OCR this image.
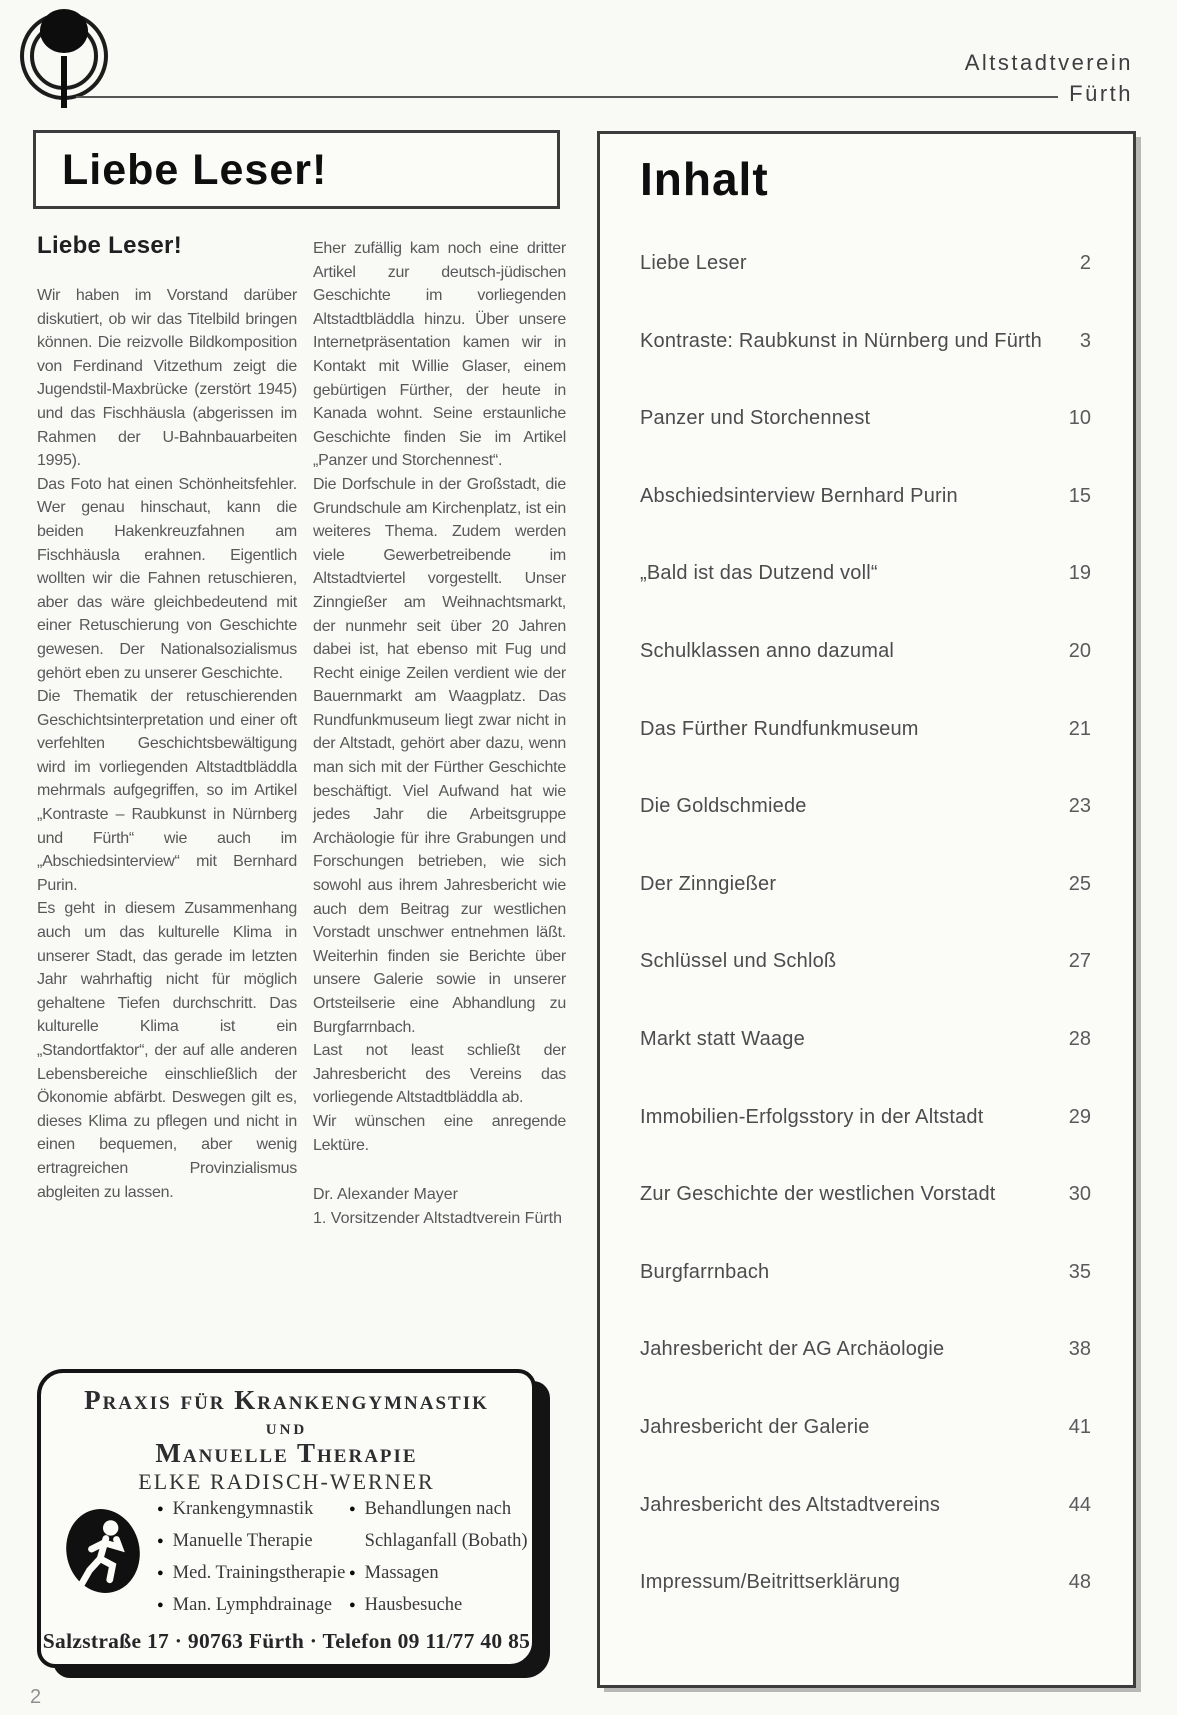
Altstadtverein
Fürth
Liebe Leser!	Inhalt
Liebe Leser	2
Kontraste: Raubkunst in Nürnberg und Fürth 3
Panzer und Storchennest	10
Abschiedsinterview Bernhard Purin	15
„Bald ist das Dutzend voll“	19
Schulklassen anno dazumal	20
Das Fürther Rundfunkmuseum	21
Die Goldschmiede	23
Der Zinngießer	25
Schlüssel und Schloß	27
Markt statt Waage	28
Immobilien-Erfolgsstory in der Altstadt	29
Zur Geschichte der westlichen Vorstadt	30
Burgfarrnbach	35
Jahresbericht der AG Archäologie	38
Jahresbericht der Galerie	41
Jahresbericht des Altstadtvereins	44
Impressum/Beitrittserklärung	48
Liebe Leser!

Wir haben im Vorstand darüber diskutiert, ob wir das Titelbild bringen können. Die reizvolle Bildkomposition von Ferdinand Vitzethum zeigt die Jugendstil-Maxbrücke (zerstört 1945) und das Fischhäusla (abgerissen im Rahmen der U-Bahnbauarbeiten 1995).

Das Foto hat einen Schönheitsfehler. Wer genau hinschaut, kann die beiden Hakenkreuzfahnen am Fischhäusla erahnen. Eigentlich wollten wir die Fahnen retuschieren, aber das wäre gleichbedeutend mit einer Retuschierung von Geschichte gewesen. Der Nationalsozialismus gehört eben zu unserer Geschichte.

Die Thematik der retuschierenden Geschichtsinterpretation und einer oft verfehlten Geschichtsbewältigung wird im vorliegenden Altstadtbläddla mehrmals aufgegriffen, so im Artikel „Kontraste – Raubkunst in Nürnberg und Fürth“ wie auch im „Abschiedsinterview“ mit Bernhard Purin.

Es geht in diesem Zusammenhang auch um das kulturelle Klima in unserer Stadt, das gerade im letzten Jahr wahrhaftig nicht für möglich gehaltene Tiefen durchschritt. Das kulturelle Klima ist ein „Standortfaktor“, der auf alle anderen Lebensbereiche einschließlich der Ökonomie abfärbt. Deswegen gilt es, dieses Klima zu pflegen und nicht in einen bequemen, aber wenig ertragreichen Provinzialismus abgleiten zu lassen.

Eher zufällig kam noch eine dritter Artikel zur deutsch-jüdischen Geschichte im vorliegenden Altstadtbläddla hinzu. Über unsere Internetpräsentation kamen wir in Kontakt mit Willie Glaser, einem gebürtigen Fürther, der heute in Kanada wohnt. Seine erstaunliche Geschichte finden Sie im Artikel „Panzer und Storchennest“.

Die Dorfschule in der Großstadt, die Grundschule am Kirchenplatz, ist ein weiteres Thema. Zudem werden viele Gewerbetreibende im Altstadtviertel vorgestellt. Unser Zinngießer am Weihnachtsmarkt, der nunmehr seit über 20 Jahren dabei ist, hat ebenso mit Fug und Recht einige Zeilen verdient wie der Bauernmarkt am Waagplatz. Das Rundfunkmuseum liegt zwar nicht in der Altstadt, gehört aber dazu, wenn man sich mit der Fürther Geschichte beschäftigt. Viel Aufwand hat wie jedes Jahr die Arbeitsgruppe Archäologie für ihre Grabungen und Forschungen betrieben, wie sich sowohl aus ihrem Jahresbericht wie auch dem Beitrag zur westlichen Vorstadt unschwer entnehmen läßt. Weiterhin finden sie Berichte über unsere Galerie sowie in unserer Ortsteilserie eine Abhandlung zu Burgfarrnbach.

Last not least schließt der Jahresbericht des Vereins das vorliegende Altstadtbläddla ab.

Wir wünschen eine anregende Lektüre.

Dr. Alexander Mayer
1. Vorsitzender Altstadtverein Fürth
Praxis für Krankengymnastik
und
Manuelle Therapie
ELKE RADISCH-WERNER
● Krankengymnastik
● Manuelle Therapie
● Med. Trainingstherapie
● Man. Lymphdrainage
● Behandlungen nach Schlaganfall (Bobath)
● Massagen
● Hausbesuche
Salzstraße 17 · 90763 Fürth · Telefon 09 11/77 40 85
2
